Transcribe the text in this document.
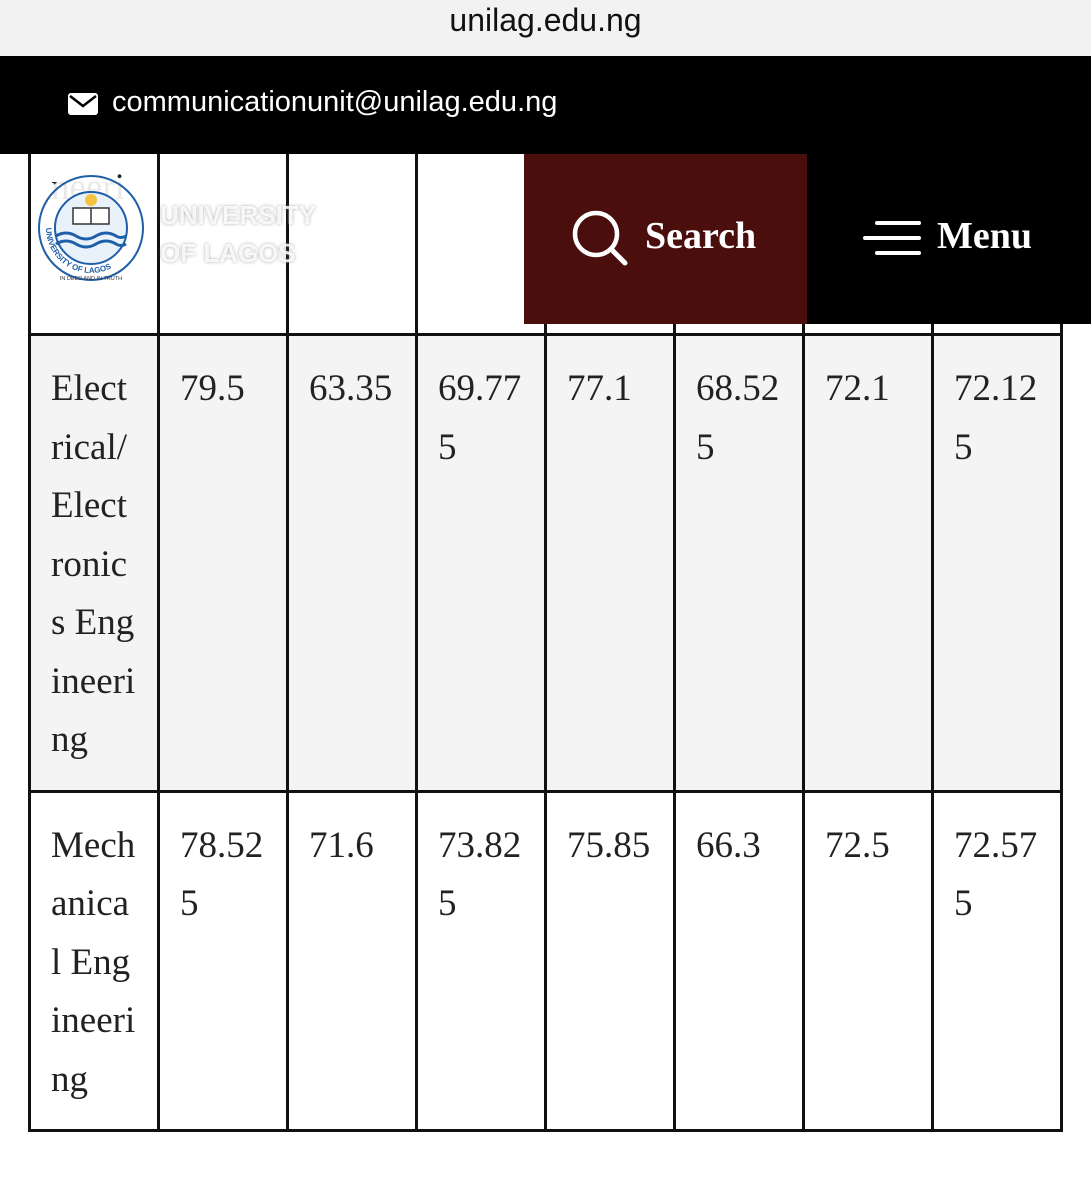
unilag.edu.ng

Electrical/Electronics Engineering	79.5	63.35	69.775	77.1	68.525	72.1	72.125
Mechanical Engineering	78.525	71.6	73.825	75.85	66.3	72.5	72.575
communicationunit@unilag.edu.ng
UNIVERSITY OF LAGOS
IN DEED AND IN TRUTH
UNIVERSITY
OF LAGOS	Search	Menu
